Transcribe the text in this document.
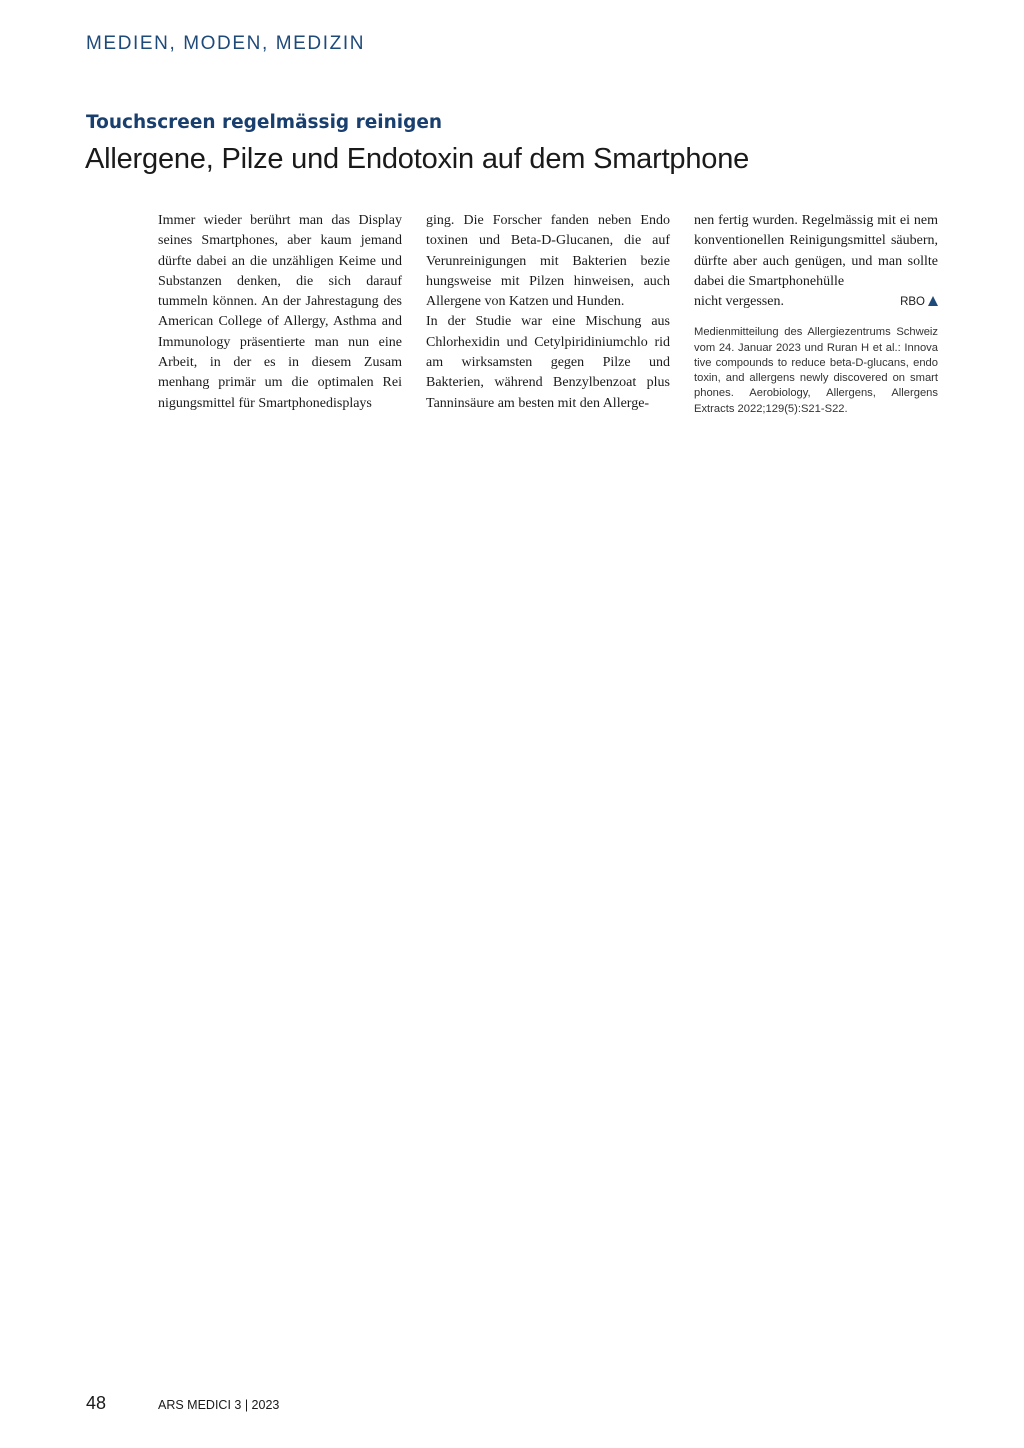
MEDIEN, MODEN, MEDIZIN
Touchscreen regelmässig reinigen
Allergene, Pilze und Endotoxin auf dem Smartphone

Immer wieder berührt man das Display seines Smartphones, aber kaum jemand dürfte dabei an die unzähligen Keime und Substanzen denken, die sich darauf tummeln können. An der Jahrestagung des American College of Allergy, Asthma and Immunology präsentierte man nun eine Arbeit, in der es in diesem Zusam menhang primär um die optimalen Rei nigungsmittel für Smartphonedisplays

ging. Die Forscher fanden neben Endo toxinen und Beta-D-Glucanen, die auf Verunreinigungen mit Bakterien bezie hungsweise mit Pilzen hinweisen, auch Allergene von Katzen und Hunden.

In der Studie war eine Mischung aus Chlorhexidin und Cetylpiridiniumchlo rid am wirksamsten gegen Pilze und Bakterien, während Benzylbenzoat plus Tanninsäure am besten mit den Allerge-

nen fertig wurden. Regelmässig mit ei nem konventionellen Reinigungsmittel säubern, dürfte aber auch genügen, und man sollte dabei die Smartphonehülle

nicht vergessen.	RBO
Medienmitteilung des Allergiezentrums Schweiz vom 24. Januar 2023 und Ruran H et al.: Innova tive compounds to reduce beta-D-glucans, endo toxin, and allergens newly discovered on smart phones. Aerobiology, Allergens, Allergens Extracts 2022;129(5):S21-S22.
48	ARS MEDICI 3 | 2023
